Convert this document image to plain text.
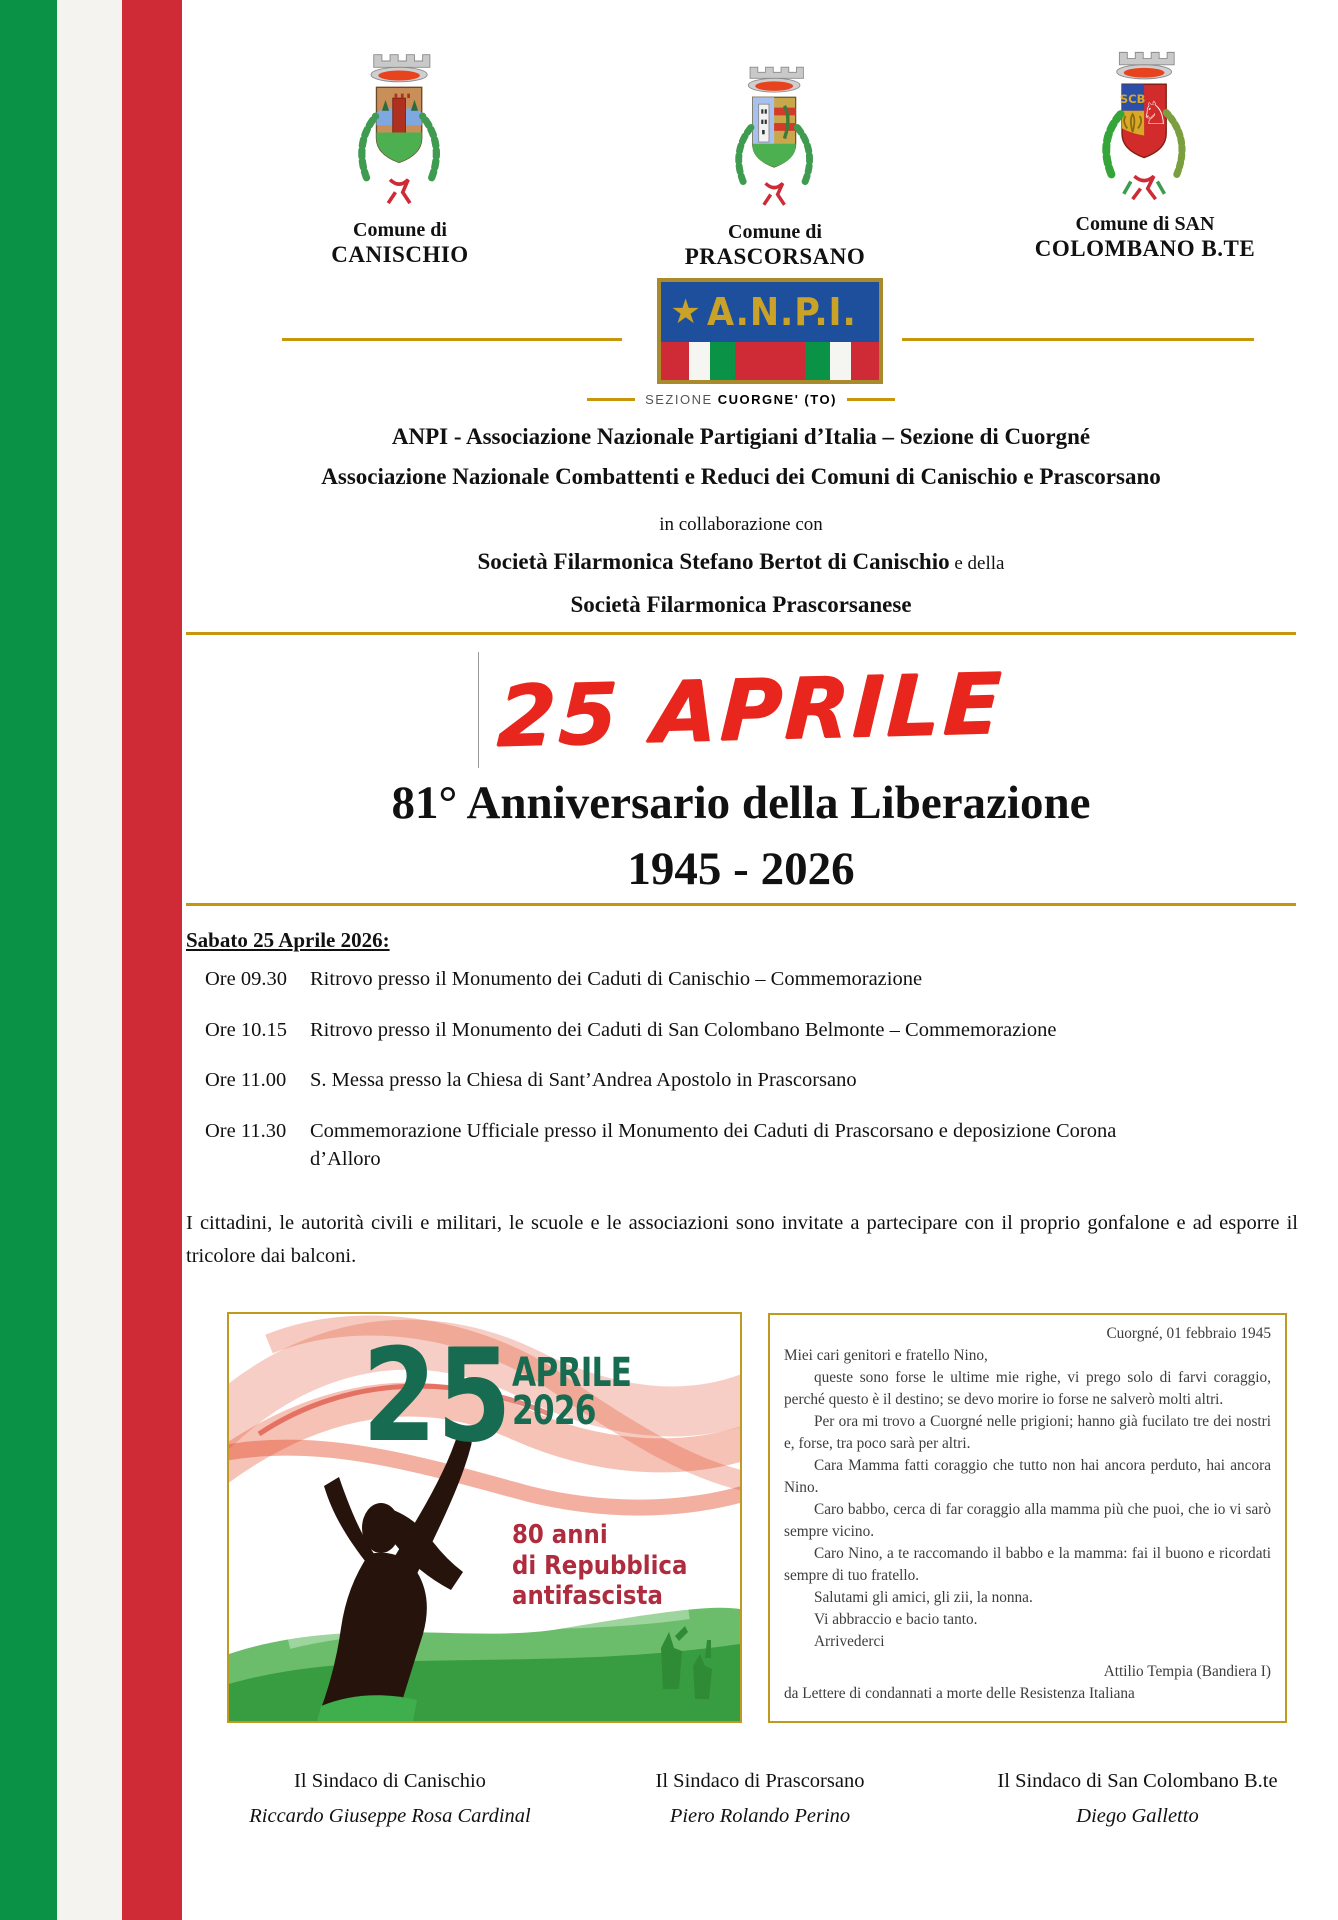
Comune di
CANISCHIO
Comune di
PRASCORSANO
SCB
♘
Comune di SAN
COLOMBANO B.TE
★ A.N.P.I.
SEZIONE CUORGNE' (TO)
ANPI - Associazione Nazionale Partigiani d’Italia – Sezione di Cuorgné
Associazione Nazionale Combattenti e Reduci dei Comuni di Canischio e Prascorsano
in collaborazione con
Società Filarmonica Stefano Bertot di Canischio e della
Società Filarmonica Prascorsanese
25 APRILE
81° Anniversario della Liberazione
1945 - 2026
Sabato 25 Aprile 2026:
Ore 09.30	Ritrovo presso il Monumento dei Caduti di Canischio – Commemorazione
Ore 10.15	Ritrovo presso il Monumento dei Caduti di San Colombano Belmonte – Commemorazione
Ore 11.00	S. Messa presso la Chiesa di Sant’Andrea Apostolo in Prascorsano
Ore 11.30	Commemorazione Ufficiale presso il Monumento dei Caduti di Prascorsano e deposizione Corona d’Alloro
I cittadini, le autorità civili e militari, le scuole e le associazioni sono invitate a partecipare con il proprio gonfalone e ad esporre il tricolore dai balconi.
25 APRILE
2026
80 anni
di Repubblica
antifascista

Cuorgné, 01 febbraio 1945

Miei cari genitori e fratello Nino,

queste sono forse le ultime mie righe, vi prego solo di farvi coraggio, perché questo è il destino; se devo morire io forse ne salverò molti altri.

Per ora mi trovo a Cuorgné nelle prigioni; hanno già fucilato tre dei nostri e, forse, tra poco sarà per altri.

Cara Mamma fatti coraggio che tutto non hai ancora perduto, hai ancora Nino.

Caro babbo, cerca di far coraggio alla mamma più che puoi, che io vi sarò sempre vicino.

Caro Nino, a te raccomando il babbo e la mamma: fai il buono e ricordati sempre di tuo fratello.

Salutami gli amici, gli zii, la nonna.

Vi abbraccio e bacio tanto.

Arrivederci

Attilio Tempia (Bandiera I)

da Lettere di condannati a morte delle Resistenza Italiana

Il Sindaco di Canischio
Riccardo Giuseppe Rosa Cardinal
Il Sindaco di Prascorsano
Piero Rolando Perino
Il Sindaco di San Colombano B.te
Diego Galletto
